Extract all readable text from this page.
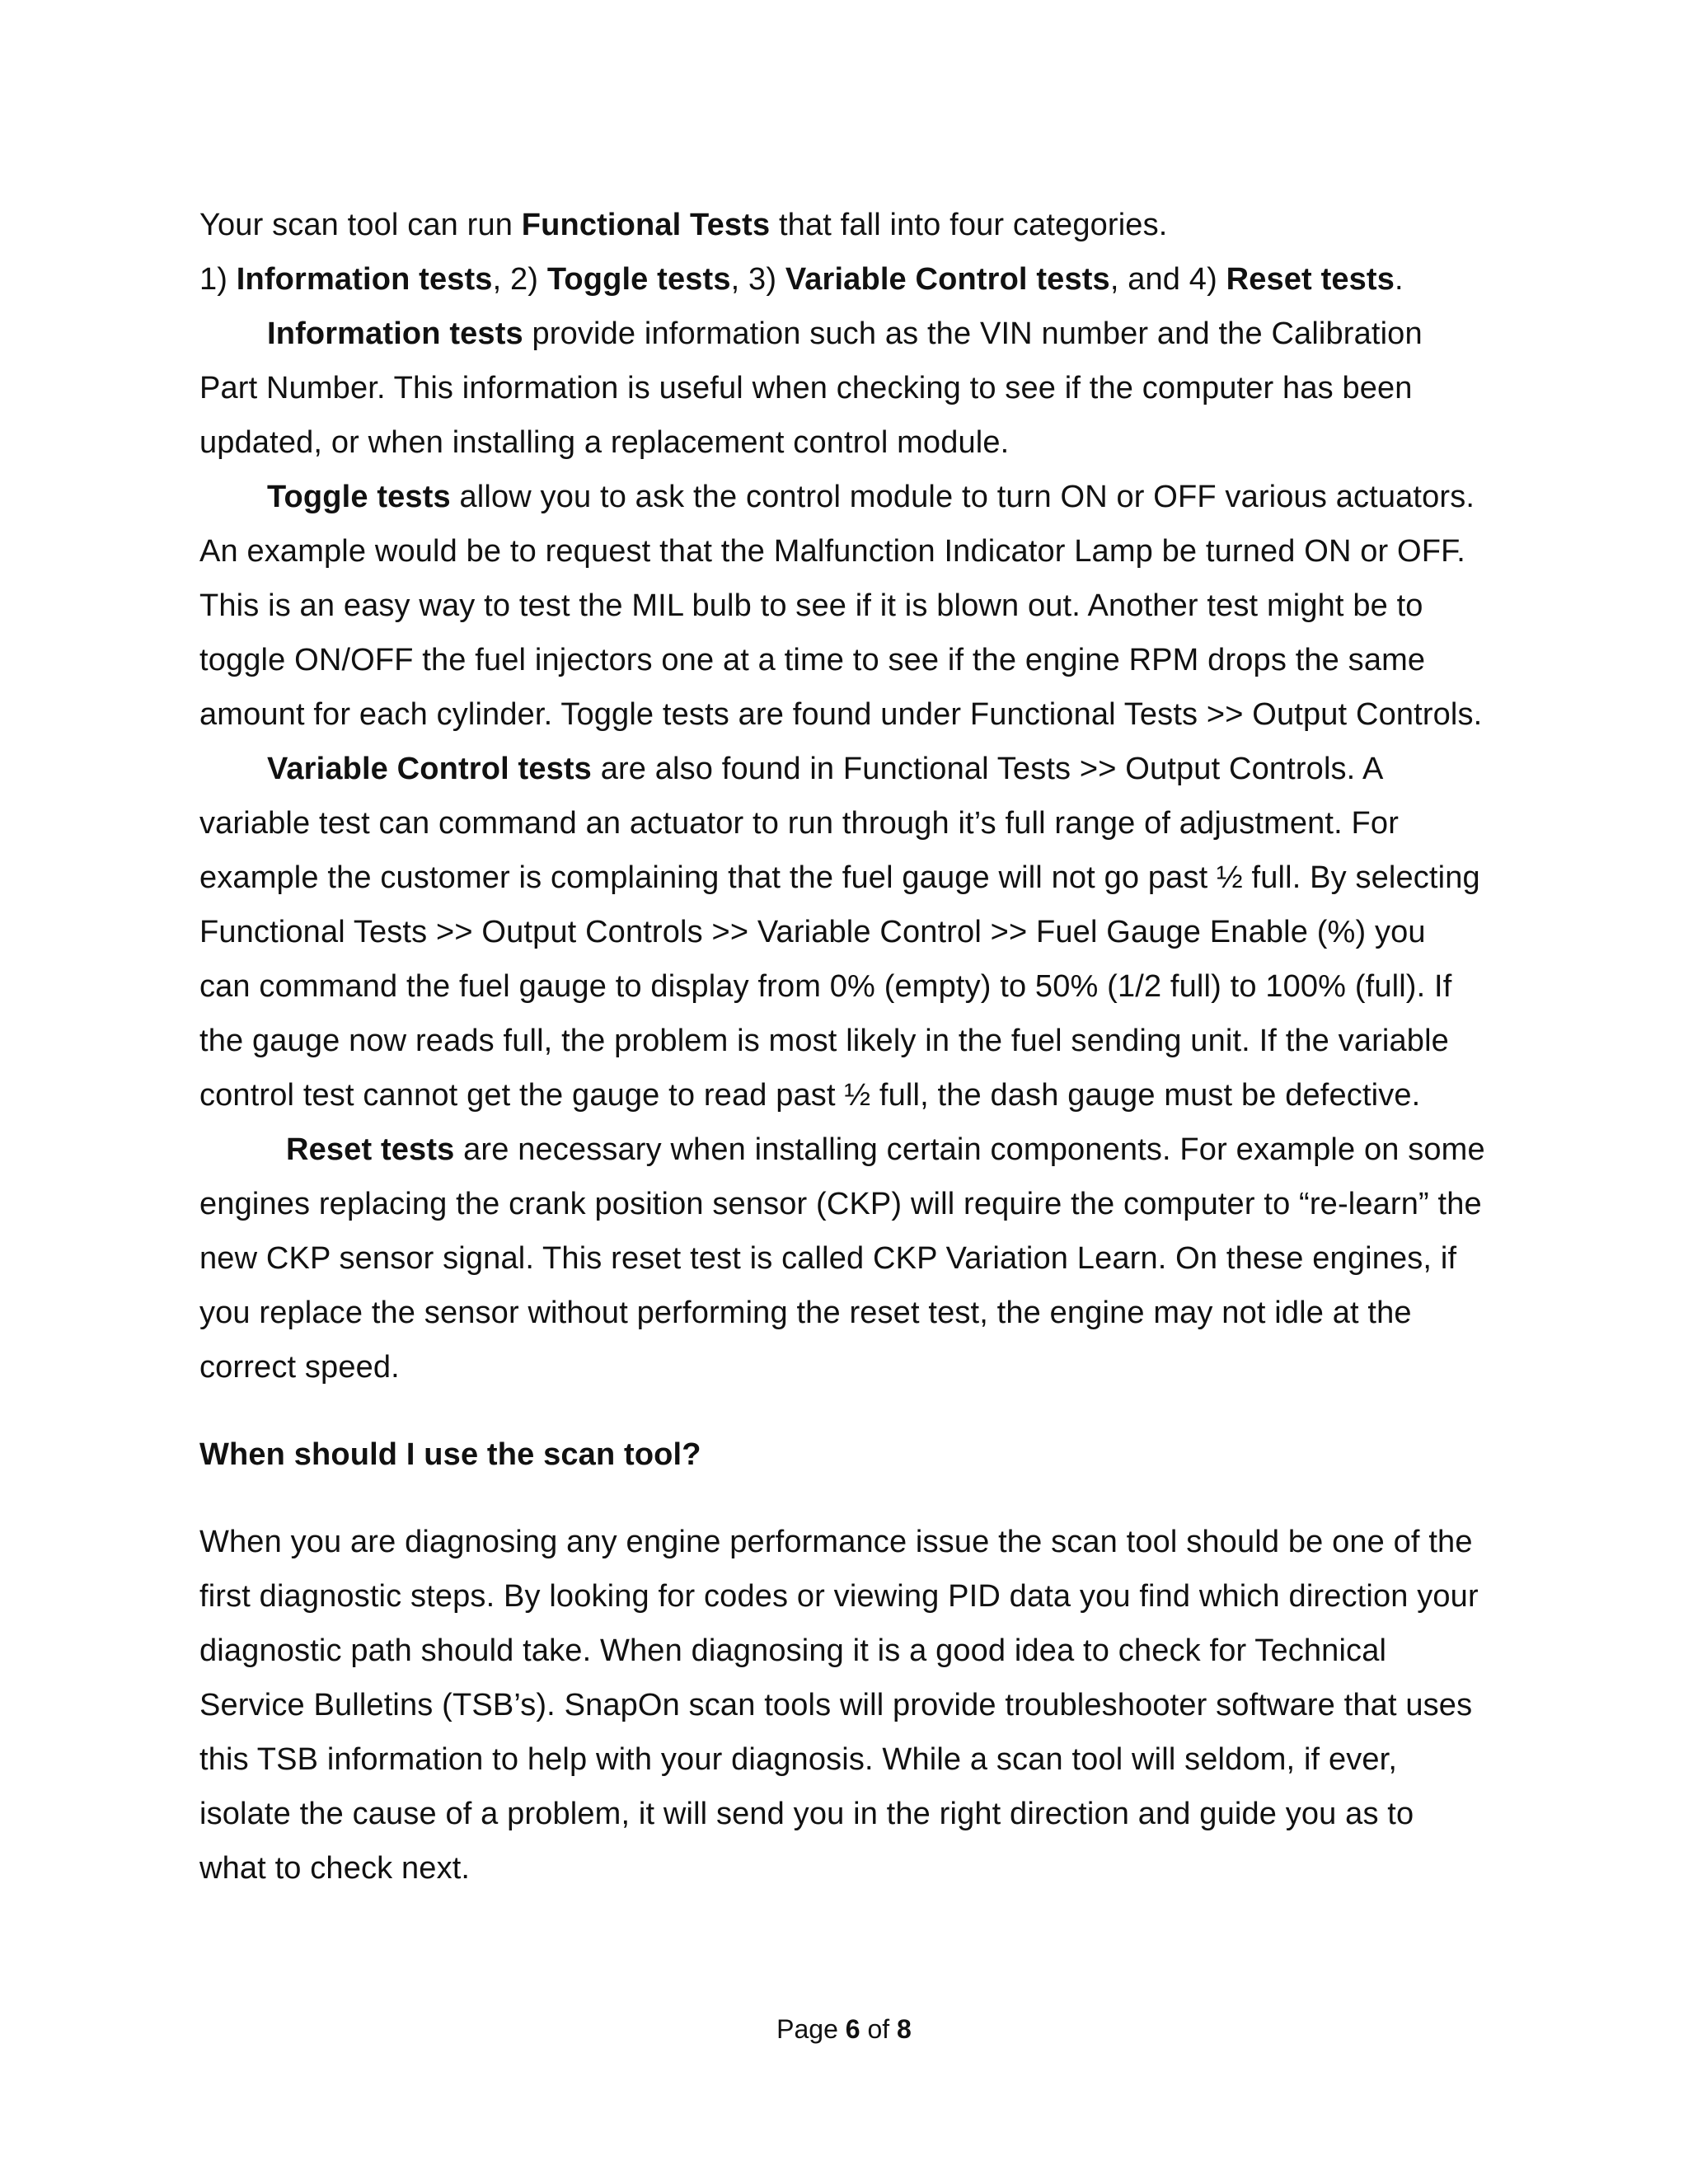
Your scan tool can run Functional Tests that fall into four categories.

1) Information tests, 2) Toggle tests, 3) Variable Control tests, and 4) Reset tests.

Information tests provide information such as the VIN number and the Calibration Part Number. This information is useful when checking to see if the computer has been updated, or when installing a replacement control module.

Toggle tests allow you to ask the control module to turn ON or OFF various actuators. An example would be to request that the Malfunction Indicator Lamp be turned ON or OFF. This is an easy way to test the MIL bulb to see if it is blown out. Another test might be to toggle ON/OFF the fuel injectors one at a time to see if the engine RPM drops the same amount for each cylinder. Toggle tests are found under Functional Tests >> Output Controls.

Variable Control tests are also found in Functional Tests >> Output Controls. A variable test can command an actuator to run through it’s full range of adjustment. For example the customer is complaining that the fuel gauge will not go past ½ full. By selecting Functional Tests >> Output Controls >> Variable Control >> Fuel Gauge Enable (%) you can command the fuel gauge to display from 0% (empty) to 50% (1/2 full) to 100% (full). If the gauge now reads full, the problem is most likely in the fuel sending unit. If the variable control test cannot get the gauge to read past ½ full, the dash gauge must be defective.

Reset tests are necessary when installing certain components. For example on some engines replacing the crank position sensor (CKP) will require the computer to “re-learn” the new CKP sensor signal. This reset test is called CKP Variation Learn. On these engines, if you replace the sensor without performing the reset test, the engine may not idle at the correct speed.

When should I use the scan tool?

When you are diagnosing any engine performance issue the scan tool should be one of the first diagnostic steps. By looking for codes or viewing PID data you find which direction your diagnostic path should take. When diagnosing it is a good idea to check for Technical Service Bulletins (TSB’s). SnapOn scan tools will provide troubleshooter software that uses this TSB information to help with your diagnosis. While a scan tool will seldom, if ever, isolate the cause of a problem, it will send you in the right direction and guide you as to what to check next.

Page 6 of 8
